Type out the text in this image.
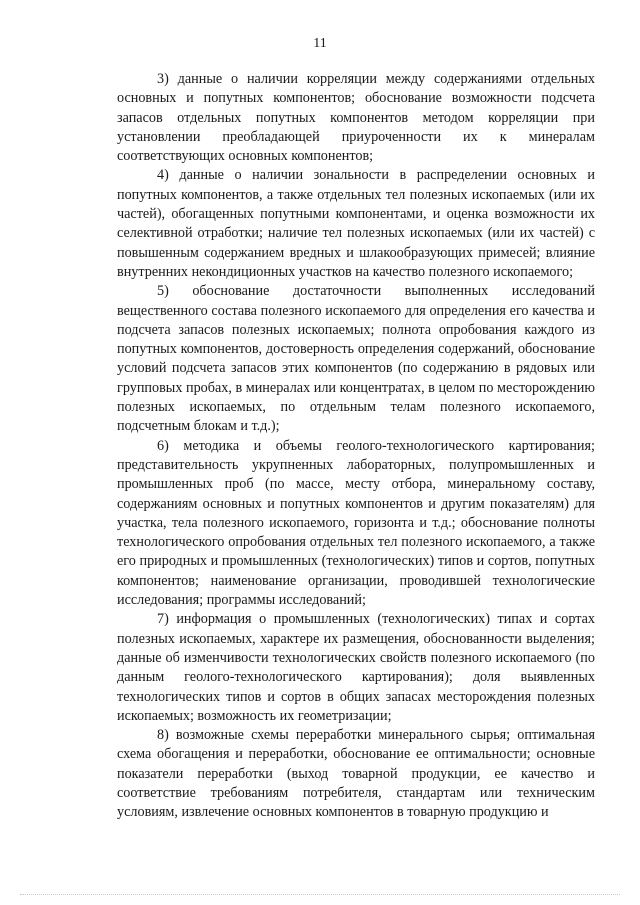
11

3) данные о наличии корреляции между содержаниями отдельных основных и попутных компонентов; обоснование возможности подсчета запасов отдельных попутных компонентов методом корреляции при установлении преобладающей приуроченности их к минералам соответствующих основных компонентов;

4) данные о наличии зональности в распределении основных и попутных компонентов, а также отдельных тел полезных ископаемых (или их частей), обогащенных попутными компонентами, и оценка возможности их селективной отработки; наличие тел полезных ископаемых (или их частей) с повышенным содержанием вредных и шлакообразующих примесей; влияние внутренних некондиционных участков на качество полезного ископаемого;

5) обоснование достаточности выполненных исследований вещественного состава полезного ископаемого для определения его качества и подсчета запасов полезных ископаемых; полнота опробования каждого из попутных компонентов, достоверность определения содержаний, обоснование условий подсчета запасов этих компонентов (по содержанию в рядовых или групповых пробах, в минералах или концентратах, в целом по месторождению полезных ископаемых, по отдельным телам полезного ископаемого, подсчетным блокам и т.д.);

6) методика и объемы геолого-технологического картирования; представительность укрупненных лабораторных, полупромышленных и промышленных проб (по массе, месту отбора, минеральному составу, содержаниям основных и попутных компонентов и другим показателям) для участка, тела полезного ископаемого, горизонта и т.д.; обоснование полноты технологического опробования отдельных тел полезного ископаемого, а также его природных и промышленных (технологических) типов и сортов, попутных компонентов; наименование организации, проводившей технологические исследования; программы исследований;

7) информация о промышленных (технологических) типах и сортах полезных ископаемых, характере их размещения, обоснованности выделения; данные об изменчивости технологических свойств полезного ископаемого (по данным геолого-технологического картирования); доля выявленных технологических типов и сортов в общих запасах месторождения полезных ископаемых; возможность их геометризации;

8) возможные схемы переработки минерального сырья; оптимальная схема обогащения и переработки, обоснование ее оптимальности; основные показатели переработки (выход товарной продукции, ее качество и соответствие требованиям потребителя, стандартам или техническим условиям, извлечение основных компонентов в товарную продукцию и
